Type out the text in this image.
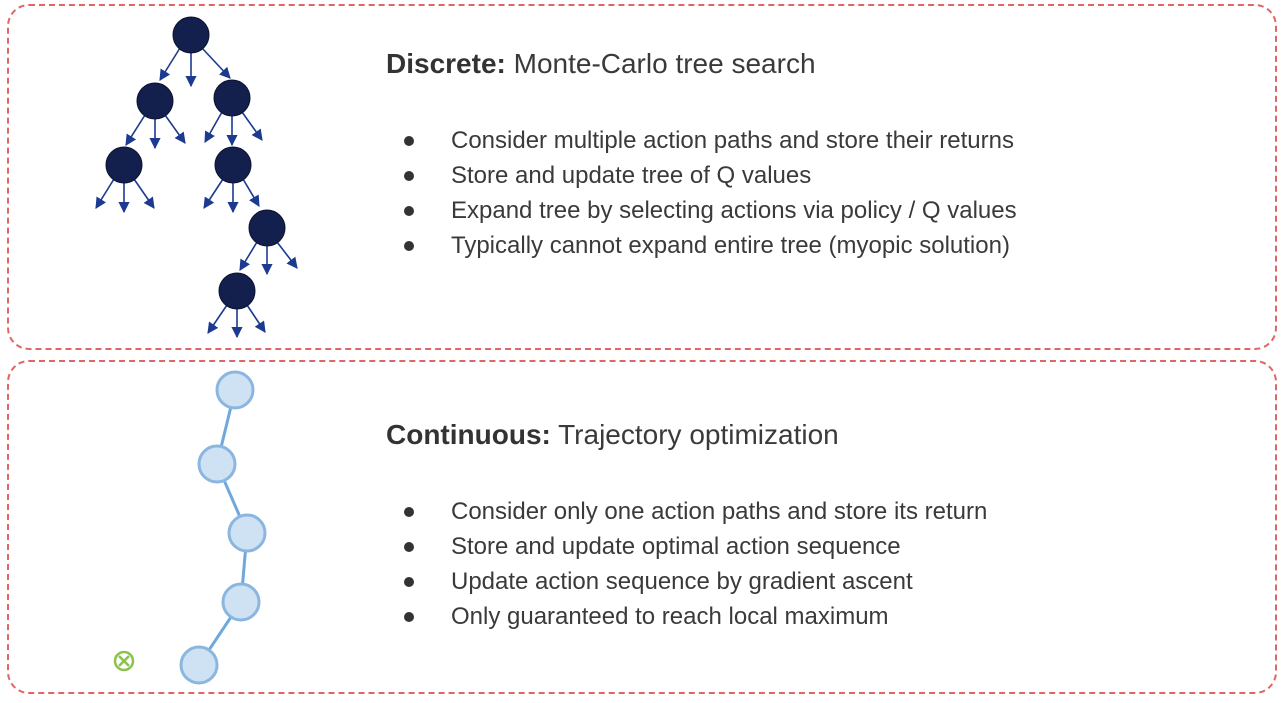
Discrete: Monte-Carlo tree search
Consider multiple action paths and store their returns
Store and update tree of Q values
Expand tree by selecting actions via policy / Q values
Typically cannot expand entire tree (myopic solution)
Continuous: Trajectory optimization
Consider only one action paths and store its return
Store and update optimal action sequence
Update action sequence by gradient ascent
Only guaranteed to reach local maximum
